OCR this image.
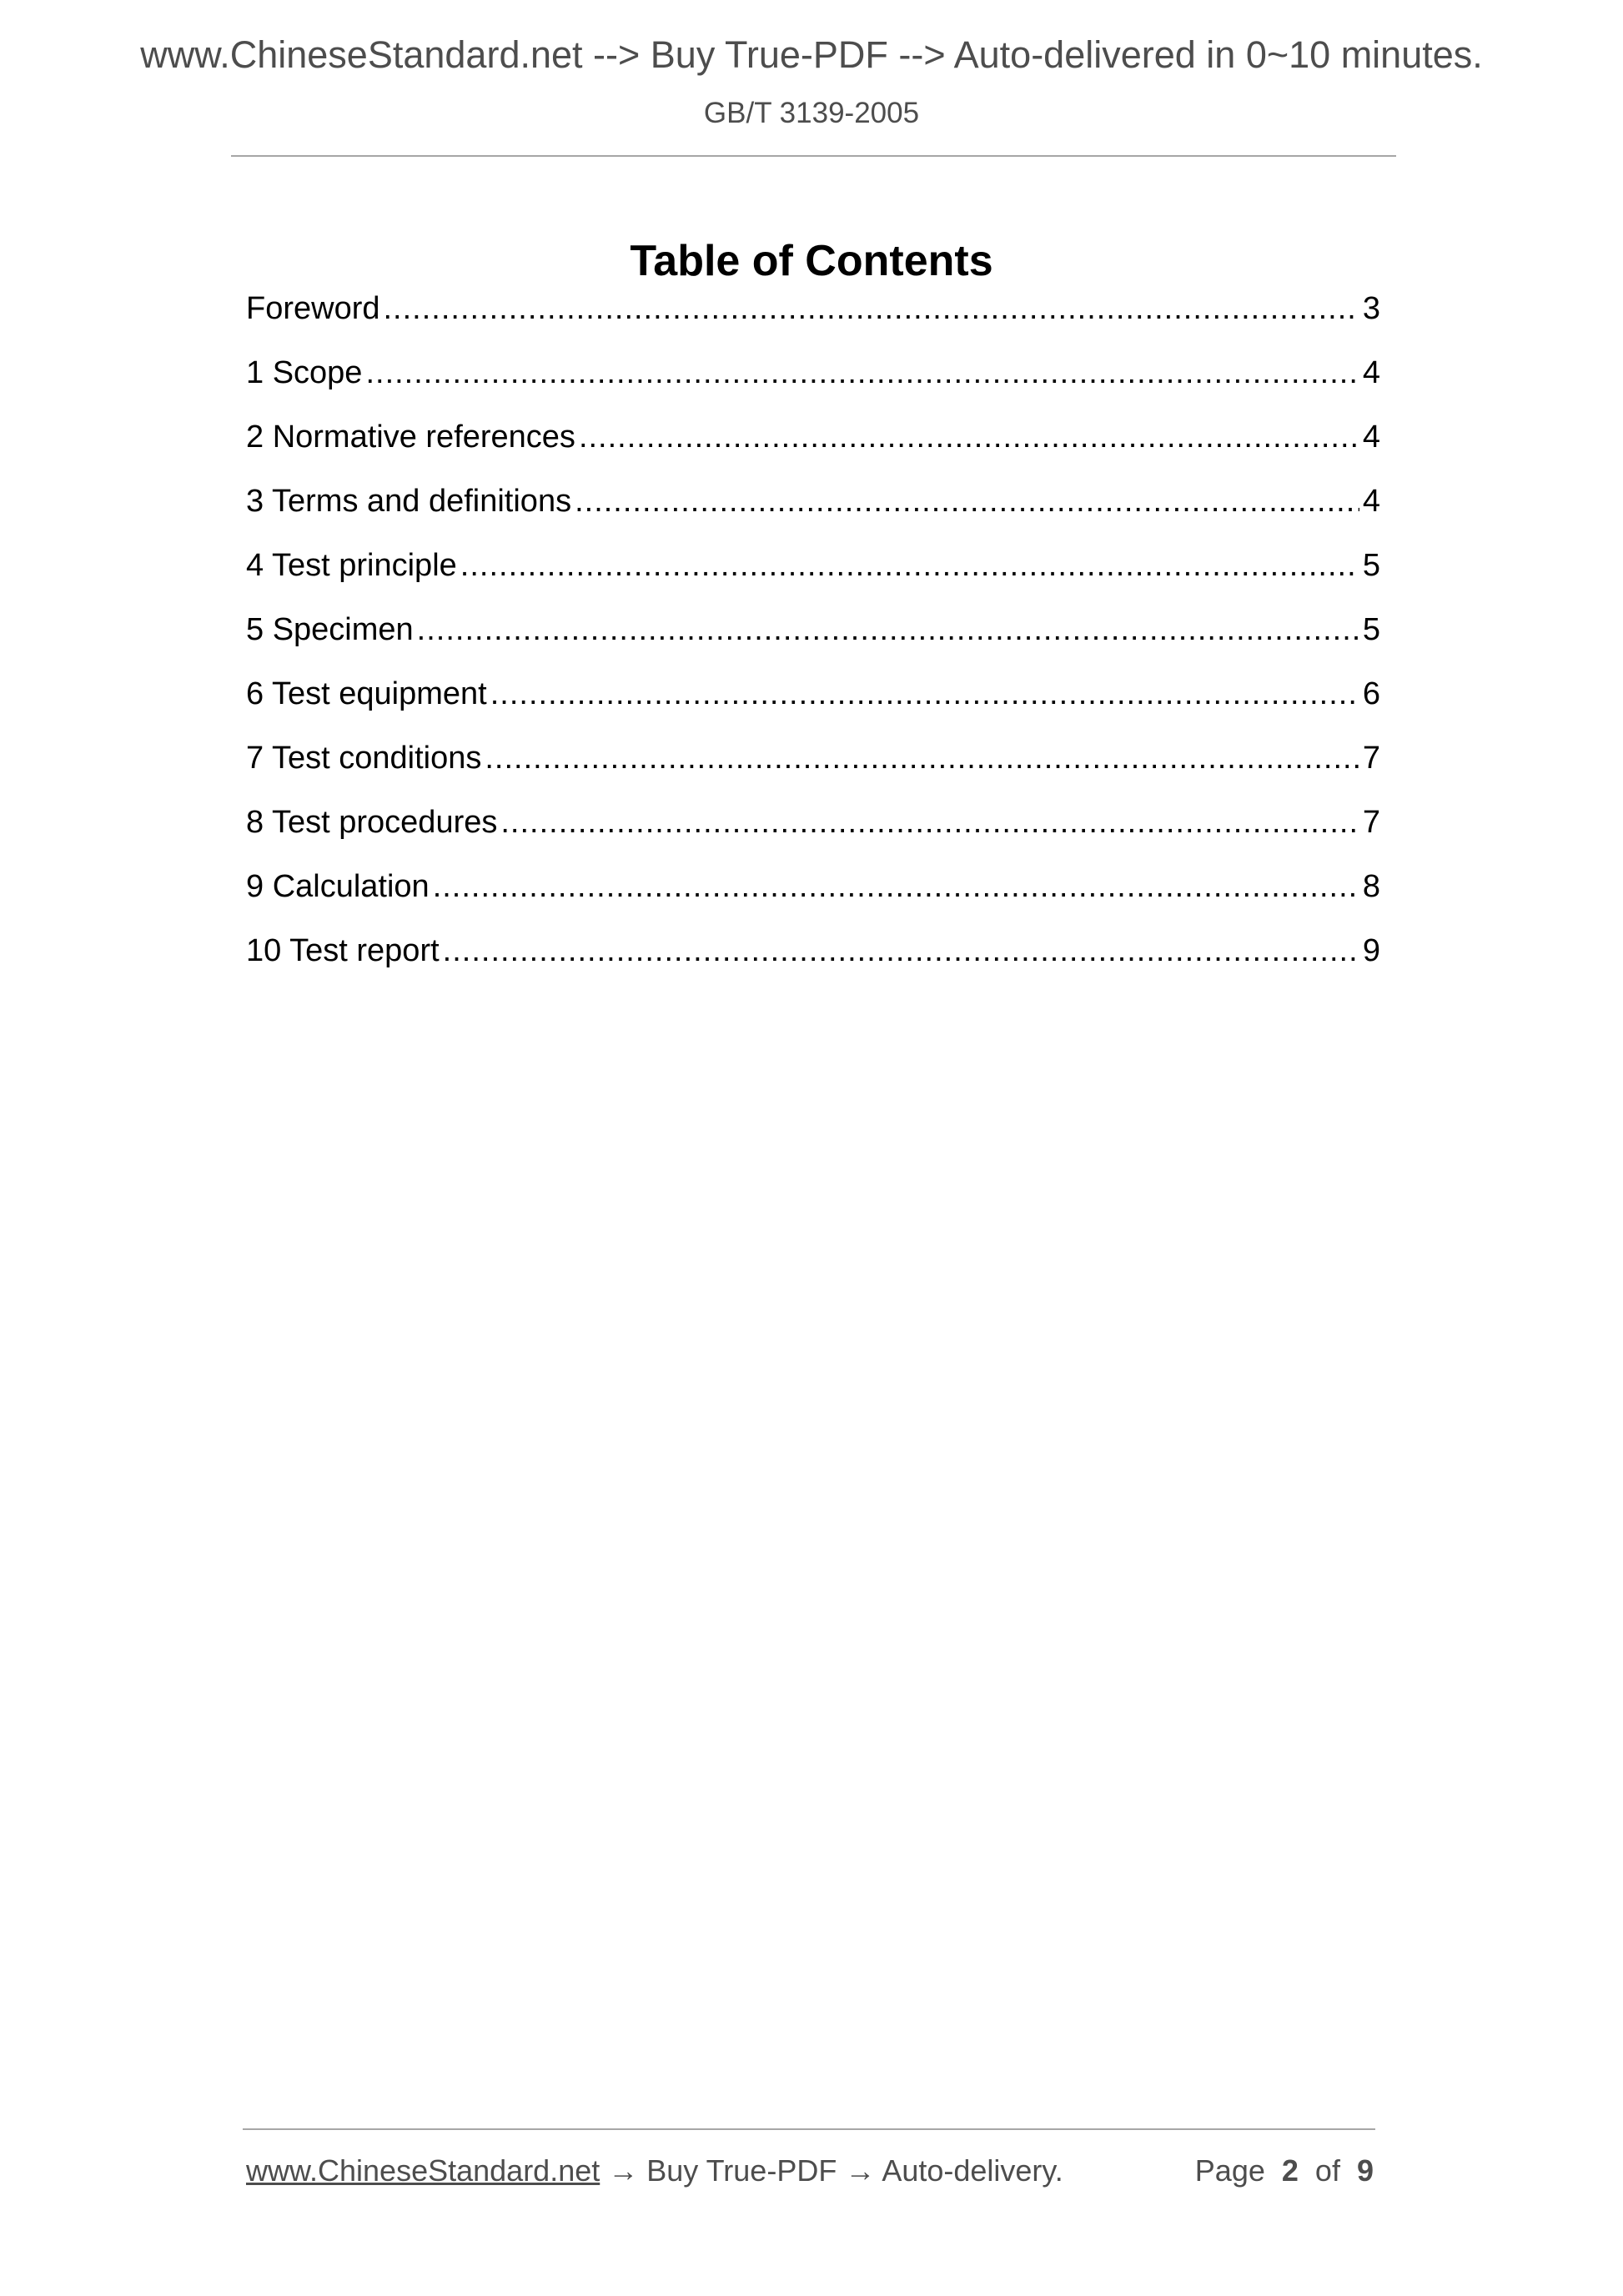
www.ChineseStandard.net --> Buy True-PDF --> Auto-delivered in 0~10 minutes.
GB/T 3139-2005
Table of Contents
Foreword .....	3
1 Scope .....	4
2 Normative references .....	4
3 Terms and definitions .....	4
4 Test principle .....	5
5 Specimen .....	5
6 Test equipment .....	6
7 Test conditions .....	7
8 Test procedures .....	7
9 Calculation .....	8
10 Test report .....	9
www.ChineseStandard.net → Buy True-PDF → Auto-delivery.	Page 2 of 9
